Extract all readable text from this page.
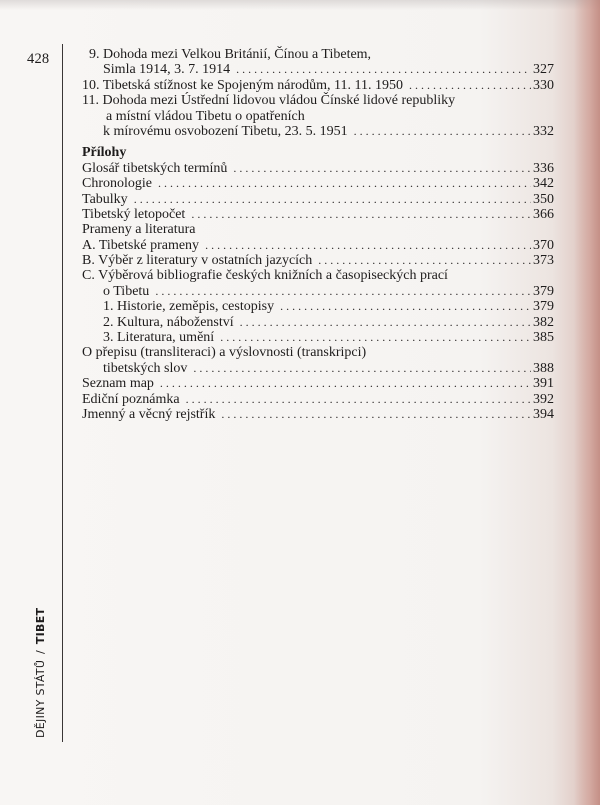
428
DĚJINY STÁTŮ / TIBET
9. Dohoda mezi Velkou Británií, Čínou a Tibetem,
Simla 1914, 3. 7. 1914 . . .	327
10. Tibetská stížnost ke Spojeným národům, 11. 11. 1950 . . .	330
11. Dohoda mezi Ústřední lidovou vládou Čínské lidové republiky
a místní vládou Tibetu o opatřeních
k mírovému osvobození Tibetu, 23. 5. 1951 . . .	332
Přílohy
Glosář tibetských termínů . . .	336
Chronologie . . .	342
Tabulky . . .	350
Tibetský letopočet . . .	366
Prameny a literatura
A. Tibetské prameny . . .	370
B. Výběr z literatury v ostatních jazycích . . .	373
C. Výběrová bibliografie českých knižních a časopiseckých prací
o Tibetu . . .	379
1. Historie, zeměpis, cestopisy . . .	379
2. Kultura, náboženství . . .	382
3. Literatura, umění . . .	385
O přepisu (transliteraci) a výslovnosti (transkripci)
tibetských slov . . .	388
Seznam map . . .	391
Ediční poznámka . . .	392
Jmenný a věcný rejstřík . . .	394
